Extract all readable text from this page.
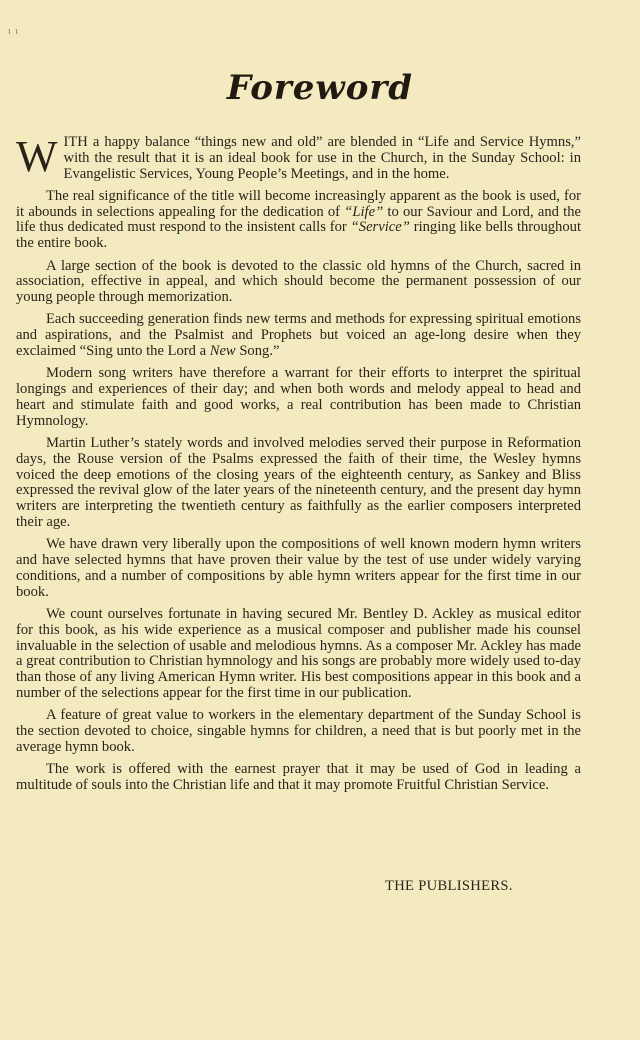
ι ι
Foreword

WITH a happy balance “things new and old” are blended in “Life and Service Hymns,” with the result that it is an ideal book for use in the Church, in the Sunday School: in Evangelistic Services, Young People’s Meetings, and in the home.

The real significance of the title will become increasingly apparent as the book is used, for it abounds in selections appealing for the dedication of “Life” to our Saviour and Lord, and the life thus dedicated must respond to the insistent calls for “Service” ringing like bells throughout the entire book.

A large section of the book is devoted to the classic old hymns of the Church, sacred in association, effective in appeal, and which should become the permanent possession of our young people through memorization.

Each succeeding generation finds new terms and methods for expressing spiritual emotions and aspirations, and the Psalmist and Prophets but voiced an age-long desire when they exclaimed “Sing unto the Lord a New Song.”

Modern song writers have therefore a warrant for their efforts to interpret the spiritual longings and experiences of their day; and when both words and melody appeal to head and heart and stimulate faith and good works, a real contribution has been made to Christian Hymnology.

Martin Luther’s stately words and involved melodies served their purpose in Reformation days, the Rouse version of the Psalms expressed the faith of their time, the Wesley hymns voiced the deep emotions of the closing years of the eighteenth century, as Sankey and Bliss expressed the revival glow of the later years of the nineteenth century, and the present day hymn writers are interpreting the twentieth century as faithfully as the earlier composers interpreted their age.

We have drawn very liberally upon the compositions of well known modern hymn writers and have selected hymns that have proven their value by the test of use under widely varying conditions, and a number of compositions by able hymn writers appear for the first time in our book.

We count ourselves fortunate in having secured Mr. Bentley D. Ackley as musical editor for this book, as his wide experience as a musical composer and publisher made his counsel invaluable in the selection of usable and melodious hymns. As a composer Mr. Ackley has made a great contribution to Christian hymnology and his songs are probably more widely used to-day than those of any living American Hymn writer. His best compositions appear in this book and a number of the selections appear for the first time in our publication.

A feature of great value to workers in the elementary department of the Sunday School is the section devoted to choice, singable hymns for children, a need that is but poorly met in the average hymn book.

The work is offered with the earnest prayer that it may be used of God in leading a multitude of souls into the Christian life and that it may promote Fruitful Christian Service.

THE PUBLISHERS.
